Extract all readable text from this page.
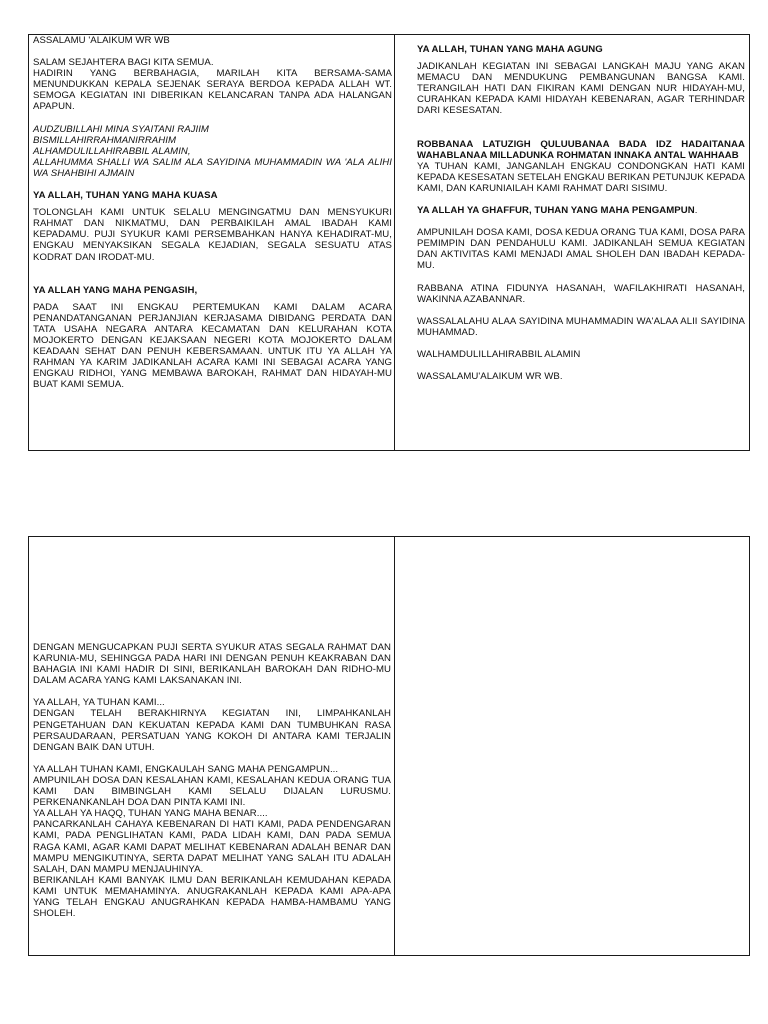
ASSALAMU 'ALAIKUM WR WB

SALAM SEJAHTERA BAGI KITA SEMUA.

HADIRIN YANG BERBAHAGIA, MARILAH KITA BERSAMA-SAMA MENUNDUKKAN KEPALA SEJENAK SERAYA BERDOA KEPADA ALLAH WT. SEMOGA KEGIATAN INI DIBERIKAN KELANCARAN TANPA ADA HALANGAN APAPUN.

AUDZUBILLAHI MINA SYAITANI RAJIIM

BISMILLAHIRRAHMANIRRAHIM

ALHAMDULILLAHIRABBIL ALAMIN,

ALLAHUMMA SHALLI WA SALIM ALA SAYIDINA MUHAMMADIN WA 'ALA ALIHI WA SHAHBIHI AJMAIN

YA ALLAH, TUHAN YANG MAHA KUASA

TOLONGLAH KAMI UNTUK SELALU MENGINGATMU DAN MENSYUKURI RAHMAT DAN NIKMATMU, DAN PERBAIKILAH AMAL IBADAH KAMI KEPADAMU. PUJI SYUKUR KAMI PERSEMBAHKAN HANYA KEHADIRAT-MU, ENGKAU MENYAKSIKAN SEGALA KEJADIAN, SEGALA SESUATU ATAS KODRAT DAN IRODAT-MU.

YA ALLAH YANG MAHA PENGASIH,

PADA SAAT INI ENGKAU PERTEMUKAN KAMI DALAM ACARA PENANDATANGANAN PERJANJIAN KERJASAMA DIBIDANG PERDATA DAN TATA USAHA NEGARA ANTARA KECAMATAN DAN KELURAHAN KOTA MOJOKERTO DENGAN KEJAKSAAN NEGERI KOTA MOJOKERTO DALAM KEADAAN SEHAT DAN PENUH KEBERSAMAAN. UNTUK ITU YA ALLAH YA RAHMAN YA KARIM JADIKANLAH ACARA KAMI INI SEBAGAI ACARA YANG ENGKAU RIDHOI, YANG MEMBAWA BAROKAH, RAHMAT DAN HIDAYAH-MU BUAT KAMI SEMUA.

YA ALLAH, TUHAN YANG MAHA AGUNG

JADIKANLAH KEGIATAN INI SEBAGAI LANGKAH MAJU YANG AKAN MEMACU DAN MENDUKUNG PEMBANGUNAN BANGSA KAMI. TERANGILAH HATI DAN FIKIRAN KAMI DENGAN NUR HIDAYAH-MU, CURAHKAN KEPADA KAMI HIDAYAH KEBENARAN, AGAR TERHINDAR DARI KESESATAN.

ROBBANAA LATUZIGH QULUUBANAA BADA IDZ HADAITANAA WAHABLANAA MILLADUNKA ROHMATAN INNAKA ANTAL WAHHAAB

YA TUHAN KAMI, JANGANLAH ENGKAU CONDONGKAN HATI KAMI KEPADA KESESATAN SETELAH ENGKAU BERIKAN PETUNJUK KEPADA KAMI, DAN KARUNIAILAH KAMI RAHMAT DARI SISIMU.

YA ALLAH YA GHAFFUR, TUHAN YANG MAHA PENGAMPUN.

AMPUNILAH DOSA KAMI, DOSA KEDUA ORANG TUA KAMI, DOSA PARA PEMIMPIN DAN PENDAHULU KAMI. JADIKANLAH SEMUA KEGIATAN DAN AKTIVITAS KAMI MENJADI AMAL SHOLEH DAN IBADAH KEPADA-MU.

RABBANA ATINA FIDUNYA HASANAH, WAFILAKHIRATI HASANAH, WAKINNA AZABANNAR.

WASSALALAHU ALAA SAYIDINA MUHAMMADIN WA'ALAA ALII SAYIDINA MUHAMMAD.

WALHAMDULILLAHIRABBIL ALAMIN

WASSALAMU'ALAIKUM WR WB.

DENGAN MENGUCAPKAN PUJI SERTA SYUKUR ATAS SEGALA RAHMAT DAN KARUNIA-MU, SEHINGGA PADA HARI INI DENGAN PENUH KEAKRABAN DAN BAHAGIA INI KAMI HADIR DI SINI, BERIKANLAH BAROKAH DAN RIDHO-MU DALAM ACARA YANG KAMI LAKSANAKAN INI.

YA ALLAH, YA TUHAN KAMI...

DENGAN TELAH BERAKHIRNYA KEGIATAN INI, LIMPAHKANLAH PENGETAHUAN DAN KEKUATAN KEPADA KAMI DAN TUMBUHKAN RASA PERSAUDARAAN, PERSATUAN YANG KOKOH DI ANTARA KAMI TERJALIN DENGAN BAIK DAN UTUH.

YA ALLAH TUHAN KAMI, ENGKAULAH SANG MAHA PENGAMPUN...

AMPUNILAH DOSA DAN KESALAHAN KAMI, KESALAHAN KEDUA ORANG TUA KAMI DAN BIMBINGLAH KAMI SELALU DIJALAN LURUSMU. PERKENANKANLAH DOA DAN PINTA KAMI INI.

YA ALLAH YA HAQQ, TUHAN YANG MAHA BENAR....

PANCARKANLAH CAHAYA KEBENARAN DI HATI KAMI, PADA PENDENGARAN KAMI, PADA PENGLIHATAN KAMI, PADA LIDAH KAMI, DAN PADA SEMUA RAGA KAMI, AGAR KAMI DAPAT MELIHAT KEBENARAN ADALAH BENAR DAN MAMPU MENGIKUTINYA, SERTA DAPAT MELIHAT YANG SALAH ITU ADALAH SALAH, DAN MAMPU MENJAUHINYA.

BERIKANLAH KAMI BANYAK ILMU DAN BERIKANLAH KEMUDAHAN KEPADA KAMI UNTUK MEMAHAMINYA. ANUGRAKANLAH KEPADA KAMI APA-APA YANG TELAH ENGKAU ANUGRAHKAN KEPADA HAMBA-HAMBAMU YANG SHOLEH.
